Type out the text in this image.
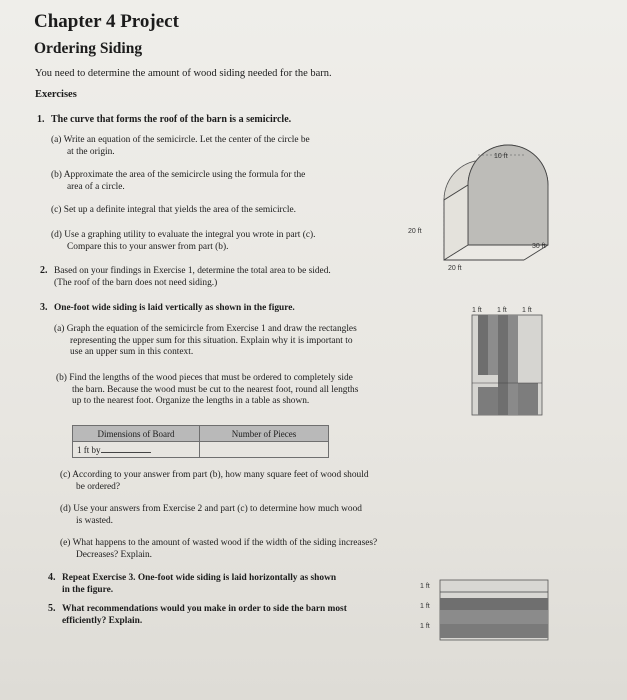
Chapter 4 Project
Ordering Siding
You need to determine the amount of wood siding needed for the barn.
Exercises
1. The curve that forms the roof of the barn is a semicircle.
(a) Write an equation of the semicircle. Let the center of the circle be
at the origin.
(b) Approximate the area of the semicircle using the formula for the
area of a circle.
(c) Set up a definite integral that yields the area of the semicircle.
(d) Use a graphing utility to evaluate the integral you wrote in part (c).
Compare this to your answer from part (b).
2. Based on your findings in Exercise 1, determine the total area to be sided.
(The roof of the barn does not need siding.)
3. One-foot wide siding is laid vertically as shown in the figure.
(a) Graph the equation of the semicircle from Exercise 1 and draw the rectangles
representing the upper sum for this situation. Explain why it is important to
use an upper sum in this context.
(b) Find the lengths of the wood pieces that must be ordered to completely side
the barn. Because the wood must be cut to the nearest foot, round all lengths
up to the nearest foot. Organize the lengths in a table as shown.
Dimensions of Board	Number of Pieces
1 ft by	
(c) According to your answer from part (b), how many square feet of wood should
be ordered?
(d) Use your answers from Exercise 2 and part (c) to determine how much wood
is wasted.
(e) What happens to the amount of wasted wood if the width of the siding increases?
Decreases? Explain.
4. Repeat Exercise 3. One-foot wide siding is laid horizontally as shown
in the figure.
5. What recommendations would you make in order to side the barn most
efficiently? Explain.
10 ft
20 ft
30 ft
20 ft
1 ft 1 ft 1 ft
1 ft
1 ft
1 ft
